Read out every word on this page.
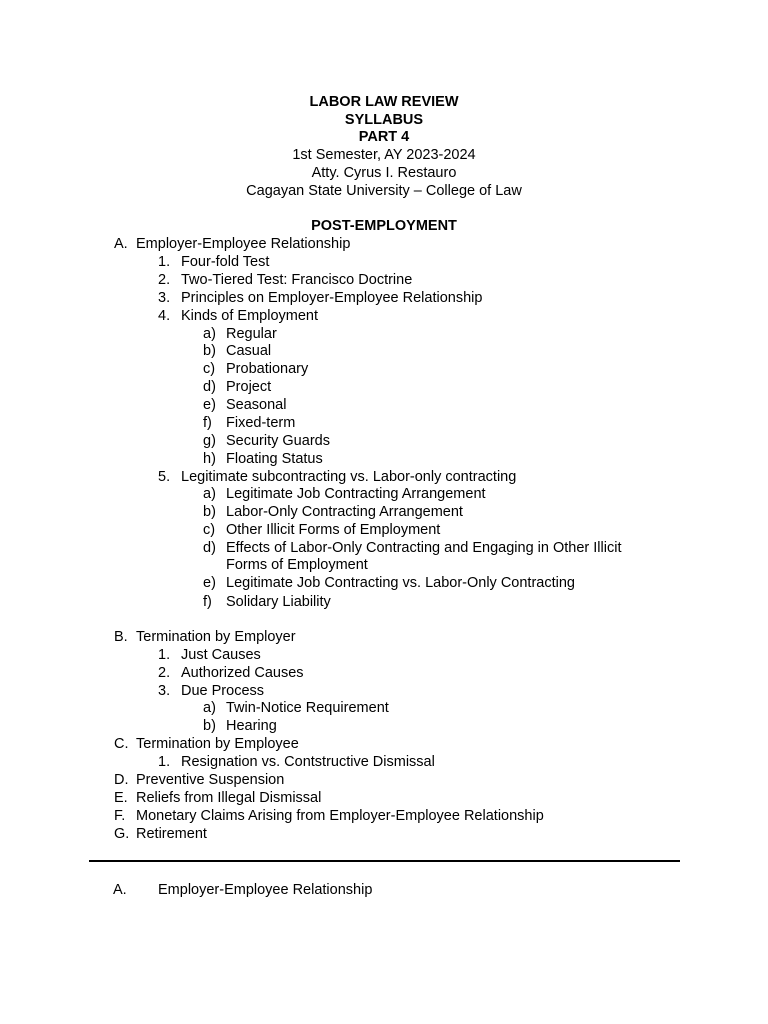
LABOR LAW REVIEW
SYLLABUS
PART 4
1st Semester, AY 2023-2024
Atty. Cyrus I. Restauro
Cagayan State University – College of Law
POST-EMPLOYMENT
A. Employer-Employee Relationship
1. Four-fold Test
2. Two-Tiered Test: Francisco Doctrine
3. Principles on Employer-Employee Relationship
4. Kinds of Employment
a) Regular
b) Casual
c) Probationary
d) Project
e) Seasonal
f) Fixed-term
g) Security Guards
h) Floating Status
5. Legitimate subcontracting vs. Labor-only contracting
a) Legitimate Job Contracting Arrangement
b) Labor-Only Contracting Arrangement
c) Other Illicit Forms of Employment
d) Effects of Labor-Only Contracting and Engaging in Other Illicit
Forms of Employment
e) Legitimate Job Contracting vs. Labor-Only Contracting
f) Solidary Liability
B. Termination by Employer
1. Just Causes
2. Authorized Causes
3. Due Process
a) Twin-Notice Requirement
b) Hearing
C. Termination by Employee
1. Resignation vs. Contstructive Dismissal
D. Preventive Suspension
E. Reliefs from Illegal Dismissal
F. Monetary Claims Arising from Employer-Employee Relationship
G. Retirement
A. Employer-Employee Relationship
